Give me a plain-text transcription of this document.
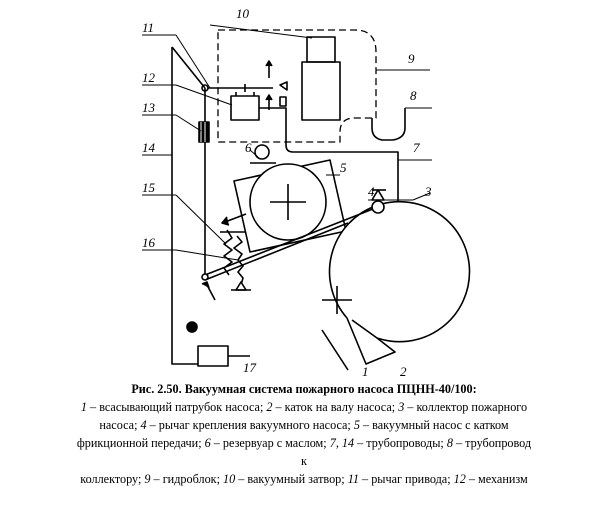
10
11
12
13
14
15
16
9
8
7
6
5
4	3
1 2
17
Рис. 2.50. Вакуумная система пожарного насоса ПЦНН-40/100:
1 – всасывающий патрубок насоса; 2 – каток на валу насоса; 3 – коллектор пожарного
насоса; 4 – рычаг крепления вакуумного насоса; 5 – вакуумный насос с катком
фрикционной передачи; 6 – резервуар с маслом; 7, 14 – трубопроводы; 8 – трубопровод
к
коллектору; 9 – гидроблок; 10 – вакуумный затвор; 11 – рычаг привода; 12 – механизм
